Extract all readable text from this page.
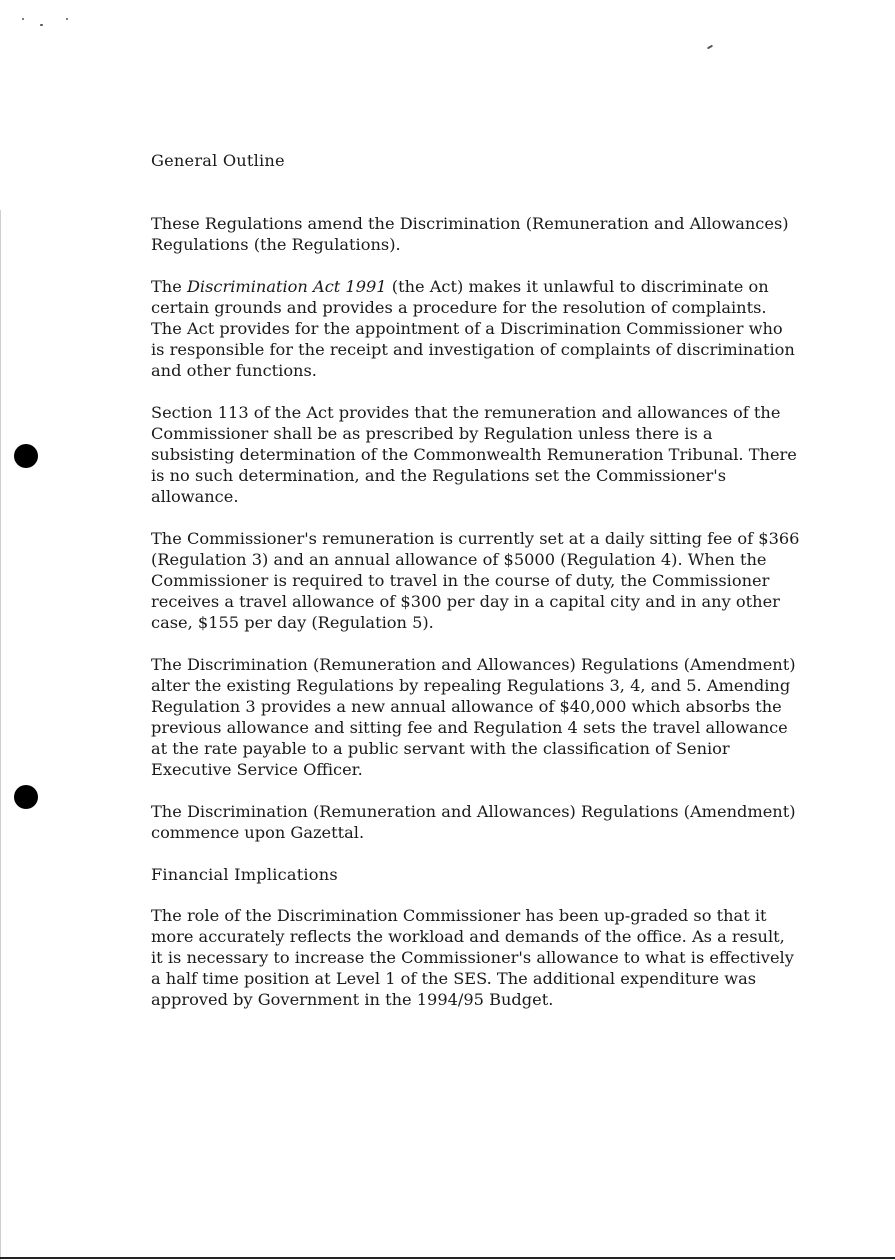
General Outline

These Regulations amend the Discrimination (Remuneration and Allowances) Regulations (the Regulations).

The Discrimination Act 1991 (the Act) makes it unlawful to discriminate on certain grounds and provides a procedure for the resolution of complaints. The Act provides for the appointment of a Discrimination Commissioner who is responsible for the receipt and investigation of complaints of discrimination and other functions.

Section 113 of the Act provides that the remuneration and allowances of the Commissioner shall be as prescribed by Regulation unless there is a subsisting determination of the Commonwealth Remuneration Tribunal. There is no such determination, and the Regulations set the Commissioner's allowance.

The Commissioner's remuneration is currently set at a daily sitting fee of $366 (Regulation 3) and an annual allowance of $5000 (Regulation 4). When the Commissioner is required to travel in the course of duty, the Commissioner receives a travel allowance of $300 per day in a capital city and in any other case, $155 per day (Regulation 5).

The Discrimination (Remuneration and Allowances) Regulations (Amendment) alter the existing Regulations by repealing Regulations 3, 4, and 5. Amending Regulation 3 provides a new annual allowance of $40,000 which absorbs the previous allowance and sitting fee and Regulation 4 sets the travel allowance at the rate payable to a public servant with the classification of Senior Executive Service Officer.

The Discrimination (Remuneration and Allowances) Regulations (Amendment) commence upon Gazettal.

Financial Implications

The role of the Discrimination Commissioner has been up-graded so that it more accurately reflects the workload and demands of the office. As a result, it is necessary to increase the Commissioner's allowance to what is effectively a half time position at Level 1 of the SES. The additional expenditure was approved by Government in the 1994/95 Budget.
